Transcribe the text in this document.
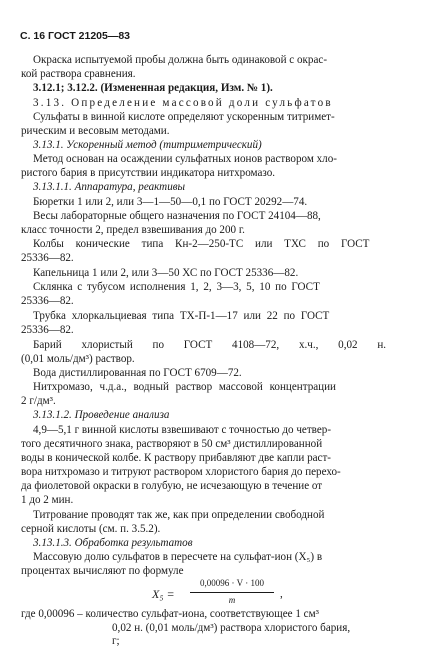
С. 16 ГОСТ 21205—83
Окраска испытуемой пробы должна быть одинаковой с окрас-
кой раствора сравнения.
3.12.1; 3.12.2. (Измененная редакция, Изм. № 1).
3.13. Определение массовой доли сульфатов
Сульфаты в винной кислоте определяют ускоренным титримет-
рическим и весовым методами.
3.13.1. Ускоренный метод (титриметрический)
Метод основан на осаждении сульфатных ионов раствором хло-
ристого бария в присутствии индикатора нитхромазо.
3.13.1.1. Аппаратура, реактивы
Бюретки 1 или 2, или 3—1—50—0,1 по ГОСТ 20292—74.
Весы лабораторные общего назначения по ГОСТ 24104—88,
класс точности 2, предел взвешивания до 200 г.
Колбы конические типа Кн-2—250-ТС или ТХС по ГОСТ
25336—82.
Капельница 1 или 2, или 3—50 ХС по ГОСТ 25336—82.
Склянка с тубусом исполнения 1, 2, 3—3, 5, 10 по ГОСТ
25336—82.
Трубка хлоркальциевая типа ТХ-П-1—17 или 22 по ГОСТ
25336—82.
Барий хлористый по ГОСТ 4108—72, х.ч., 0,02 н.
(0,01 моль/дм³) раствор.
Вода дистиллированная по ГОСТ 6709—72.
Нитхромазо, ч.д.а., водный раствор массовой концентрации
2 г/дм³.
3.13.1.2. Проведение анализа
4,9—5,1 г винной кислоты взвешивают с точностью до четвер-
того десятичного знака, растворяют в 50 см³ дистиллированной
воды в конической колбе. К раствору прибавляют две капли раст-
вора нитхромазо и титруют раствором хлористого бария до перехо-
да фиолетовой окраски в голубую, не исчезающую в течение от
1 до 2 мин.
Титрование проводят так же, как при определении свободной
серной кислоты (см. п. 3.5.2).
3.13.1.3. Обработка результатов
Массовую долю сульфатов в пересчете на сульфат-ион (X₅) в
процентах вычисляют по формуле
X₅ =
0,00096 · V · 100
m	,
где 0,00096 – количество сульфат-иона, соответствующее 1 см³
0,02 н. (0,01 моль/дм³) раствора хлористого бария,
г;
